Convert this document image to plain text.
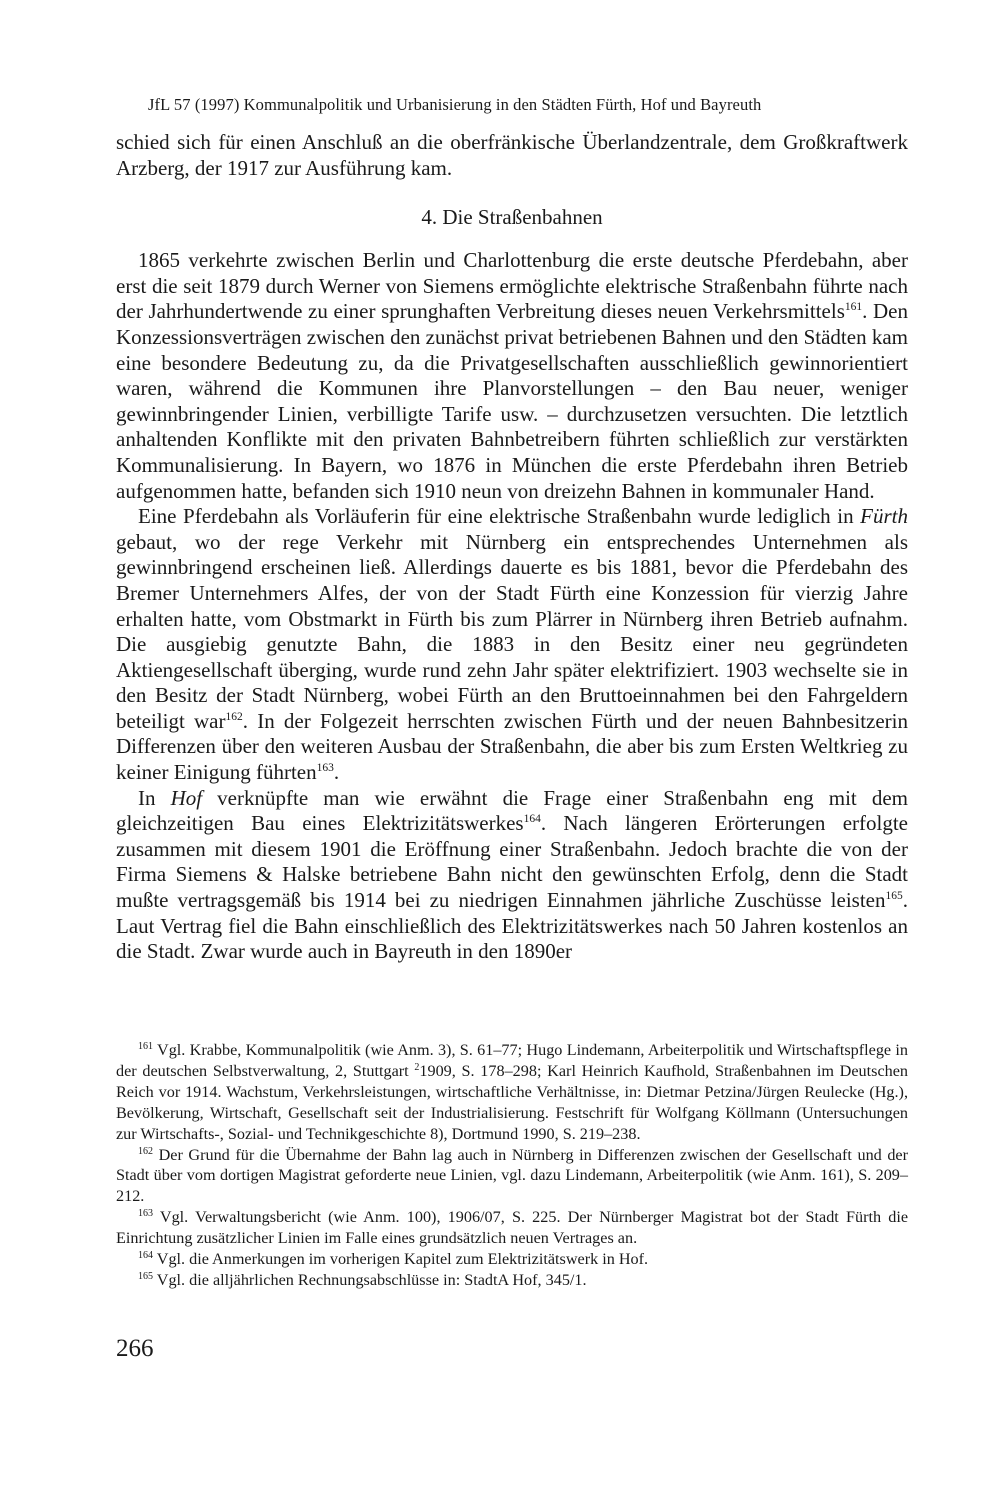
JfL 57 (1997) Kommunalpolitik und Urbanisierung in den Städten Fürth, Hof und Bayreuth

schied sich für einen Anschluß an die oberfränkische Überlandzentrale, dem Großkraftwerk Arzberg, der 1917 zur Ausführung kam.

4. Die Straßenbahnen

1865 verkehrte zwischen Berlin und Charlottenburg die erste deutsche Pferdebahn, aber erst die seit 1879 durch Werner von Siemens ermöglichte elektrische Straßenbahn führte nach der Jahrhundertwende zu einer sprunghaften Verbreitung dieses neuen Verkehrsmittels$^{161}$. Den Konzessionsverträgen zwischen den zunächst privat betriebenen Bahnen und den Städten kam eine besondere Bedeutung zu, da die Privatgesellschaften ausschließlich gewinnorientiert waren, während die Kommunen ihre Planvorstellungen – den Bau neuer, weniger gewinnbringender Linien, verbilligte Tarife usw. – durchzusetzen versuchten. Die letztlich anhaltenden Konflikte mit den privaten Bahnbetreibern führten schließlich zur verstärkten Kommunalisierung. In Bayern, wo 1876 in München die erste Pferdebahn ihren Betrieb aufgenommen hatte, befanden sich 1910 neun von dreizehn Bahnen in kommunaler Hand.

Eine Pferdebahn als Vorläuferin für eine elektrische Straßenbahn wurde lediglich in Fürth gebaut, wo der rege Verkehr mit Nürnberg ein entsprechendes Unternehmen als gewinnbringend erscheinen ließ. Allerdings dauerte es bis 1881, bevor die Pferdebahn des Bremer Unternehmers Alfes, der von der Stadt Fürth eine Konzession für vierzig Jahre erhalten hatte, vom Obstmarkt in Fürth bis zum Plärrer in Nürnberg ihren Betrieb aufnahm. Die ausgiebig genutzte Bahn, die 1883 in den Besitz einer neu gegründeten Aktiengesellschaft überging, wurde rund zehn Jahr später elektrifiziert. 1903 wechselte sie in den Besitz der Stadt Nürnberg, wobei Fürth an den Bruttoeinnahmen bei den Fahrgeldern beteiligt war$^{162}$. In der Folgezeit herrschten zwischen Fürth und der neuen Bahnbesitzerin Differenzen über den weiteren Ausbau der Straßenbahn, die aber bis zum Ersten Weltkrieg zu keiner Einigung führten$^{163}$.

In Hof verknüpfte man wie erwähnt die Frage einer Straßenbahn eng mit dem gleichzeitigen Bau eines Elektrizitätswerkes$^{164}$. Nach längeren Erörterungen erfolgte zusammen mit diesem 1901 die Eröffnung einer Straßenbahn. Jedoch brachte die von der Firma Siemens & Halske betriebene Bahn nicht den gewünschten Erfolg, denn die Stadt mußte vertragsgemäß bis 1914 bei zu niedrigen Einnahmen jährliche Zuschüsse leisten$^{165}$. Laut Vertrag fiel die Bahn einschließlich des Elektrizitätswerkes nach 50 Jahren kostenlos an die Stadt. Zwar wurde auch in Bayreuth in den 1890er

$^{161}$ Vgl. Krabbe, Kommunalpolitik (wie Anm. 3), S. 61–77; Hugo Lindemann, Arbeiterpolitik und Wirtschaftspflege in der deutschen Selbstverwaltung, 2, Stuttgart $^2$1909, S. 178–298; Karl Heinrich Kaufhold, Straßenbahnen im Deutschen Reich vor 1914. Wachstum, Verkehrsleistungen, wirtschaftliche Verhältnisse, in: Dietmar Petzina/Jürgen Reulecke (Hg.), Bevölkerung, Wirtschaft, Gesellschaft seit der Industrialisierung. Festschrift für Wolfgang Köllmann (Untersuchungen zur Wirtschafts-, Sozial- und Technikgeschichte 8), Dortmund 1990, S. 219–238.

$^{162}$ Der Grund für die Übernahme der Bahn lag auch in Nürnberg in Differenzen zwischen der Gesellschaft und der Stadt über vom dortigen Magistrat geforderte neue Linien, vgl. dazu Lindemann, Arbeiterpolitik (wie Anm. 161), S. 209–212.

$^{163}$ Vgl. Verwaltungsbericht (wie Anm. 100), 1906/07, S. 225. Der Nürnberger Magistrat bot der Stadt Fürth die Einrichtung zusätzlicher Linien im Falle eines grundsätzlich neuen Vertrages an.

$^{164}$ Vgl. die Anmerkungen im vorherigen Kapitel zum Elektrizitätswerk in Hof.

$^{165}$ Vgl. die alljährlichen Rechnungsabschlüsse in: StadtA Hof, 345/1.

266
